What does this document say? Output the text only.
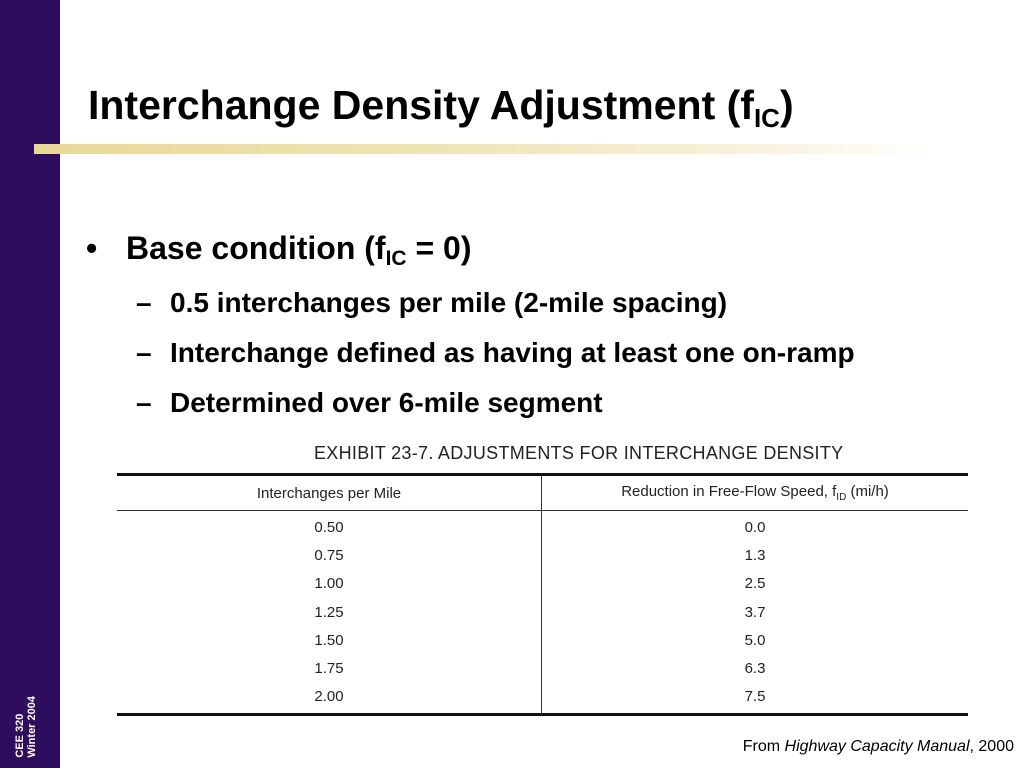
CEE 320 Winter 2004
Interchange Density Adjustment $(f_{IC})$
• Base condition $(f_{IC} = 0)$
– 0.5 interchanges per mile (2-mile spacing)
– Interchange defined as having at least one on-ramp
– Determined over 6-mile segment
EXHIBIT 23-7. ADJUSTMENTS FOR INTERCHANGE DENSITY
Interchanges per Mile	Reduction in Free-Flow Speed, $f_{ID}$ (mi/h)
0.50	0.0
0.75	1.3
1.00	2.5
1.25	3.7
1.50	5.0
1.75	6.3
2.00	7.5
From Highway Capacity Manual, 2000
